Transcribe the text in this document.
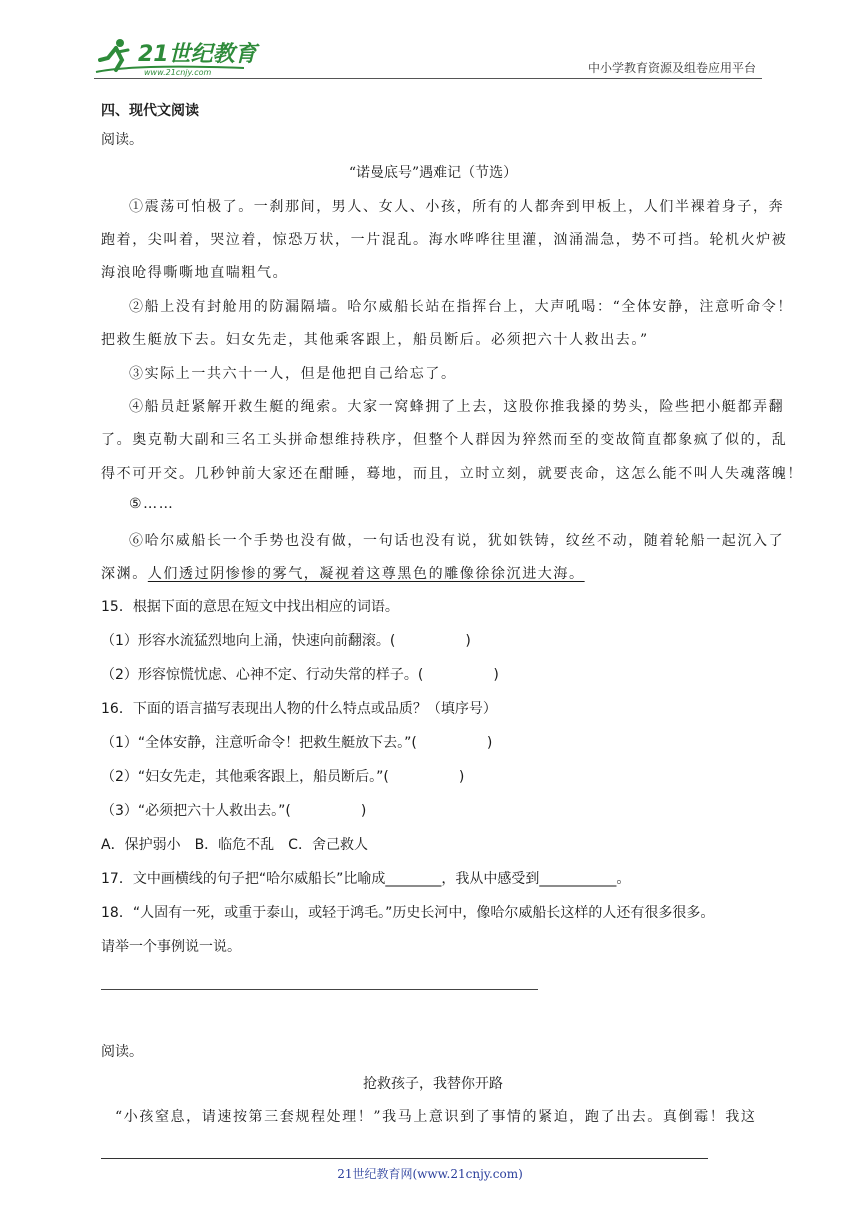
21世纪教育
www.21cnjy.com	中小学教育资源及组卷应用平台
四、现代文阅读
阅读。
“诺曼底号”遇难记（节选）
①震荡可怕极了。一刹那间，男人、女人、小孩，所有的人都奔到甲板上，人们半裸着身子，奔
跑着，尖叫着，哭泣着，惊恐万状，一片混乱。海水哗哗往里灌，汹涌湍急，势不可挡。轮机火炉被
海浪呛得嘶嘶地直喘粗气。
②船上没有封舱用的防漏隔墙。哈尔威船长站在指挥台上，大声吼喝：“全体安静，注意听命令！
把救生艇放下去。妇女先走，其他乘客跟上，船员断后。必须把六十人救出去。”
③实际上一共六十一人，但是他把自己给忘了。
④船员赶紧解开救生艇的绳索。大家一窝蜂拥了上去，这股你推我搡的势头，险些把小艇都弄翻
了。奥克勒大副和三名工头拼命想维持秩序，但整个人群因为猝然而至的变故简直都象疯了似的，乱
得不可开交。几秒钟前大家还在酣睡，蓦地，而且，立时立刻，就要丧命，这怎么能不叫人失魂落魄！
⑤……
⑥哈尔威船长一个手势也没有做，一句话也没有说，犹如铁铸，纹丝不动，随着轮船一起沉入了
深渊。人们透过阴惨惨的雾气，凝视着这尊黑色的雕像徐徐沉进大海。
15．根据下面的意思在短文中找出相应的词语。
（1）形容水流猛烈地向上涌，快速向前翻滚。(　　　　　)
（2）形容惊慌忧虑、心神不定、行动失常的样子。(　　　　　)
16．下面的语言描写表现出人物的什么特点或品质？（填序号）
（1）“全体安静，注意听命令！把救生艇放下去。”(　　　　　)
（2）“妇女先走，其他乘客跟上，船员断后。”(　　　　　)
（3）“必须把六十人救出去。”(　　　　　)
A．保护弱小　B．临危不乱　C．舍己救人
17．文中画横线的句子把“哈尔威船长”比喻成________，我从中感受到___________。
18．“人固有一死，或重于泰山，或轻于鸿毛。”历史长河中，像哈尔威船长这样的人还有很多很多。
请举一个事例说一说。
阅读。
抢救孩子，我替你开路
“小孩窒息，请速按第三套规程处理！”我马上意识到了事情的紧迫，跑了出去。真倒霉！我这
21世纪教育网(www.21cnjy.com)
